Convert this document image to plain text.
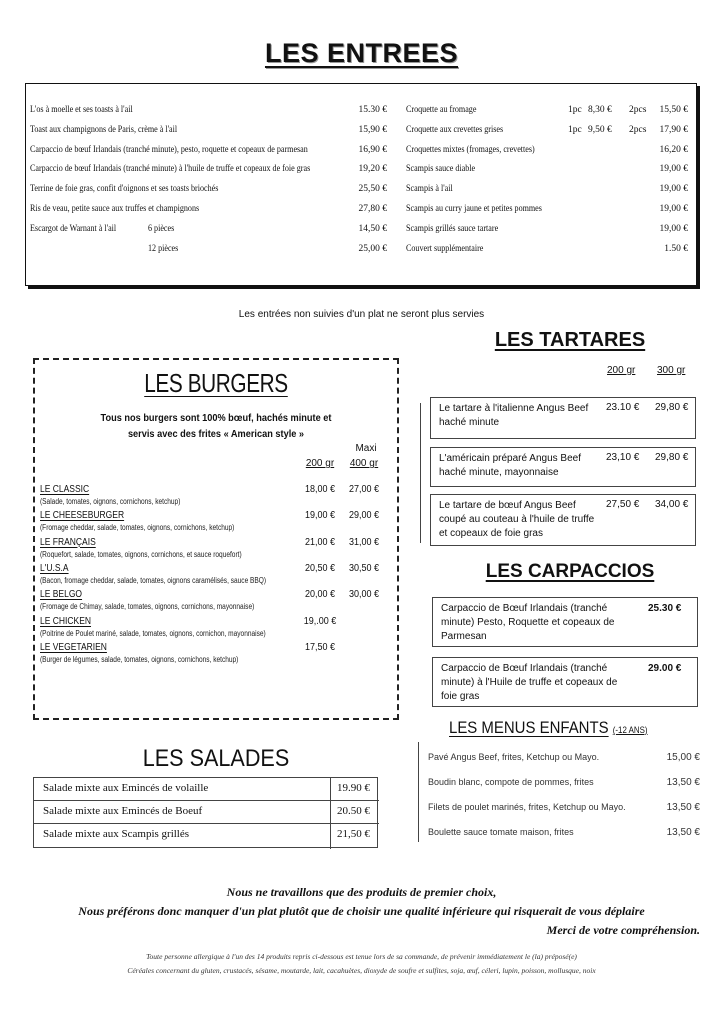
LES ENTREES
L'os à moelle et ses toasts à l'ail	15.30 €
Toast aux champignons de Paris, crème à l'ail	15,90 €
Carpaccio de bœuf Irlandais (tranché minute), pesto, roquette et copeaux de parmesan	16,90 €
Carpaccio de bœuf Irlandais (tranché minute) à l'huile de truffe et copeaux de foie gras	19,20 €
Terrine de foie gras, confit d'oignons et ses toasts briochés	25,50 €
Ris de veau, petite sauce aux truffes et champignons	27,80 €
Escargot de Warnant à l'ail	6 pièces	14,50 €
12 pièces	25,00 €
Croquette au fromage	1pc 8,30 € 2pcs	15,50 €
Croquette aux crevettes grises	1pc 9,50 € 2pcs	17,90 €
Croquettes mixtes (fromages, crevettes)	16,20 €
Scampis sauce diable	19,00 €
Scampis à l'ail	19,00 €
Scampis au curry jaune et petites pommes	19,00 €
Scampis grillés sauce tartare	19,00 €
Couvert supplémentaire	1.50 €
Les entrées non suivies d'un plat ne seront plus servies
LES BURGERS
Tous nos burgers sont 100% bœuf, hachés minute et servis avec des frites « American style »
Maxi
200 gr	400 gr
LE CLASSIC
(Salade, tomates, oignons, cornichons, ketchup)
18,00 € 27,00 €
LE CHEESEBURGER
(Fromage cheddar, salade, tomates, oignons, cornichons, ketchup)
19,00 € 29,00 €
LE FRANÇAIS
(Roquefort, salade, tomates, oignons, cornichons, et sauce roquefort)
21,00 € 31,00 €
L'U.S.A
(Bacon, fromage cheddar, salade, tomates, oignons caramélisés, sauce BBQ)
20,50 € 30,50 €
LE BELGO
(Fromage de Chimay, salade, tomates, oignons, cornichons, mayonnaise)
20,00 € 30,00 €
LE CHICKEN
(Poitrine de Poulet mariné, salade, tomates, oignons, cornichon, mayonnaise)
19,.00 €
LE VEGETARIEN
(Burger de légumes, salade, tomates, oignons, cornichons, ketchup)
17,50 €
LES SALADES
Salade mixte aux Emincés de volaille	19.90 €
Salade mixte aux Emincés de Boeuf	20.50 €
Salade mixte aux Scampis grillés	21,50 €
LES TARTARES
200 gr 300 gr
Le tartare à l'italienne Angus Beef haché minute
23.10 € 29,80 €
L'américain préparé Angus Beef haché minute, mayonnaise
23,10 € 29,80 €
Le tartare de bœuf Angus Beef coupé au couteau à l'huile de truffe et copeaux de foie gras
27,50 € 34,00 €
LES CARPACCIOS
Carpaccio de Bœuf Irlandais (tranché minute) Pesto, Roquette et copeaux de Parmesan
25.30 €
Carpaccio de Bœuf Irlandais (tranché minute) à l'Huile de truffe et copeaux de foie gras
29.00 €
LES MENUS ENFANTS (-12 ANS)
Pavé Angus Beef, frites, Ketchup ou Mayo.	15,00 €
Boudin blanc, compote de pommes, frites	13,50 €
Filets de poulet marinés, frites, Ketchup ou Mayo.	13,50 €
Boulette sauce tomate maison, frites	13,50 €
Nous ne travaillons que des produits de premier choix,
Nous préférons donc manquer d'un plat plutôt que de choisir une qualité inférieure qui risquerait de vous déplaire
Merci de votre compréhension.
Toute personne allergique à l'un des 14 produits repris ci-dessous est tenue lors de sa commande, de prévenir immédiatement le (la) préposé(e)
Céréales concernant du gluten, crustacés, sésame, moutarde, lait, cacahuètes, dioxyde de soufre et sulfites, soja, œuf, céleri, lupin, poisson, mollusque, noix
